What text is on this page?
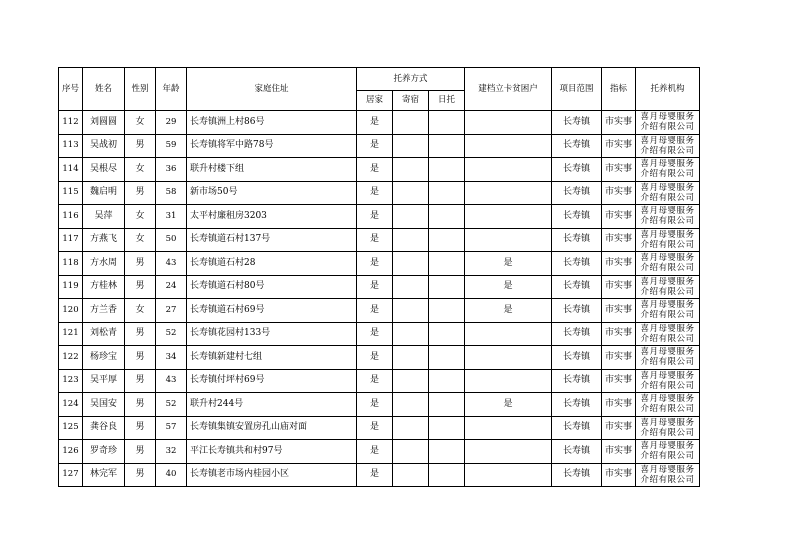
序号	姓名	性别	年龄	家庭住址	托养方式			建档立卡贫困户	项目范围	指标	托养机构
					居家	寄宿	日托				
112	刘圆圆	女	29	长寿镇洲上村86号	是				长寿镇	市实事	喜月母婴服务介绍有限公司
113	吴战初	男	59	长寿镇将军中路78号	是				长寿镇	市实事	喜月母婴服务介绍有限公司
114	吴根尽	女	36	联升村楼下组	是				长寿镇	市实事	喜月母婴服务介绍有限公司
115	魏启明	男	58	新市场50号	是				长寿镇	市实事	喜月母婴服务介绍有限公司
116	吴萍	女	31	太平村廉租房3203	是				长寿镇	市实事	喜月母婴服务介绍有限公司
117	方燕飞	女	50	长寿镇道石村137号	是				长寿镇	市实事	喜月母婴服务介绍有限公司
118	方水周	男	43	长寿镇道石村28	是			是	长寿镇	市实事	喜月母婴服务介绍有限公司
119	方桂林	男	24	长寿镇道石村80号	是			是	长寿镇	市实事	喜月母婴服务介绍有限公司
120	方兰香	女	27	长寿镇道石村69号	是			是	长寿镇	市实事	喜月母婴服务介绍有限公司
121	刘松青	男	52	长寿镇花园村133号	是				长寿镇	市实事	喜月母婴服务介绍有限公司
122	杨珍宝	男	34	长寿镇新建村七组	是				长寿镇	市实事	喜月母婴服务介绍有限公司
123	吴平厚	男	43	长寿镇付坪村69号	是				长寿镇	市实事	喜月母婴服务介绍有限公司
124	吴国安	男	52	联升村244号	是			是	长寿镇	市实事	喜月母婴服务介绍有限公司
125	龚谷良	男	57	长寿镇集镇安置房孔山庙对面	是				长寿镇	市实事	喜月母婴服务介绍有限公司
126	罗奇珍	男	32	平江长寿镇共和村97号	是				长寿镇	市实事	喜月母婴服务介绍有限公司
127	林完军	男	40	长寿镇老市场内桂园小区	是				长寿镇	市实事	喜月母婴服务介绍有限公司
